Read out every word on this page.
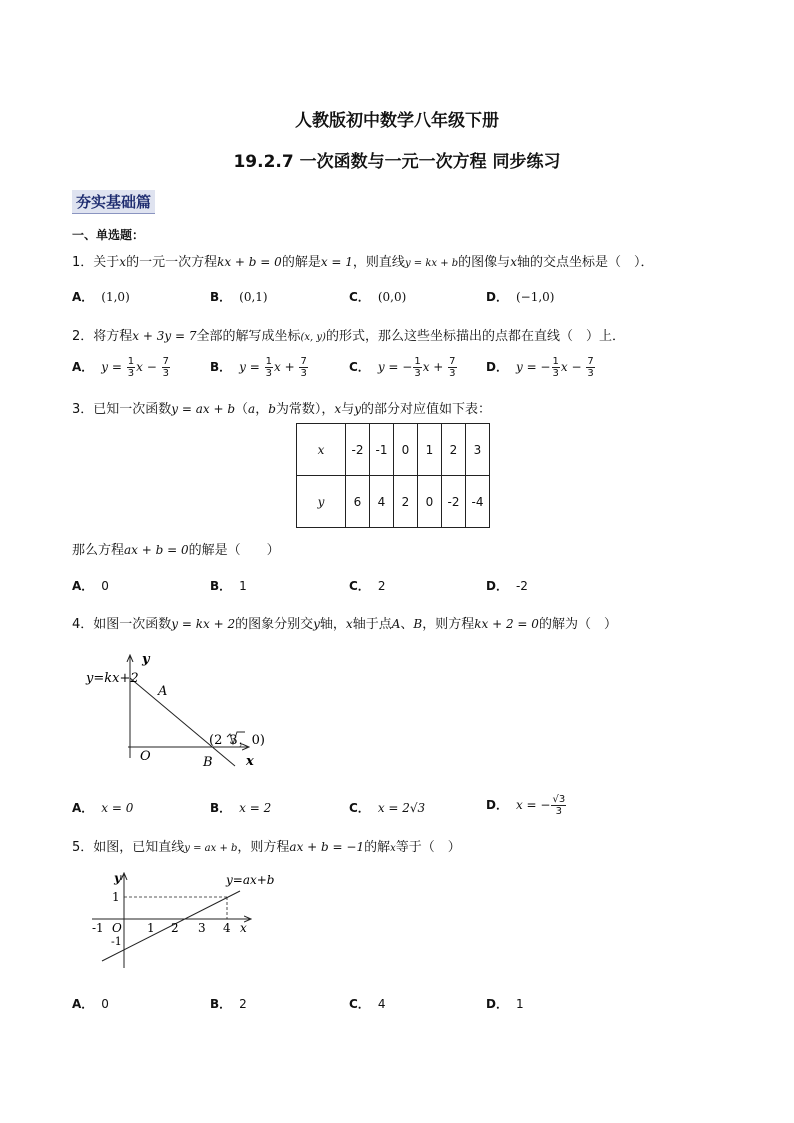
人教版初中数学八年级下册
19.2.7 一次函数与一元一次方程 同步练习
夯实基础篇
一、单选题：
1．关于x的一元一次方程kx + b = 0的解是x = 1，则直线y = kx + b的图像与x轴的交点坐标是（　）．
A． (1,0)	B． (0,1)	C． (0,0)	D． (−1,0)
2．将方程x + 3y = 7全部的解写成坐标(x, y)的形式，那么这些坐标描出的点都在直线（　）上．
A． $y = \frac{1}{3}$ $x - \frac{7}{3}$	B． $y = \frac{1}{3}$ $x + \frac{7}{3}$	C． y = − $\frac{1}{3}$ $x + \frac{7}{3}$ D． y = − $\frac{1}{3}$ $x - \frac{7}{3}$
3．已知一次函数y = ax + b（a，b为常数），x与y的部分对应值如下表：
x	-2	-1	0	1	2	3
y	6	4	2	0	-2	-4
那么方程ax + b = 0的解是（　　）
A． 0	B． 1	C． 2	D． -2
4．如图一次函数y = kx + 2的图象分别交y轴，x轴于点A、B，则方程kx + 2 = 0的解为（　）
y=kx+2
y
x
O
A
B
(2 3，0)
A． x = 0	B． x = 2	C． x = 2√3	D． x = − $\frac{√3}{3}$
5．如图，已知直线y = ax + b，则方程ax + b = −1的解x等于（　）
y=ax+b
y
x
1
-1
O
-1	1 2 3 4
A． 0	B． 2	C． 4	D． 1
